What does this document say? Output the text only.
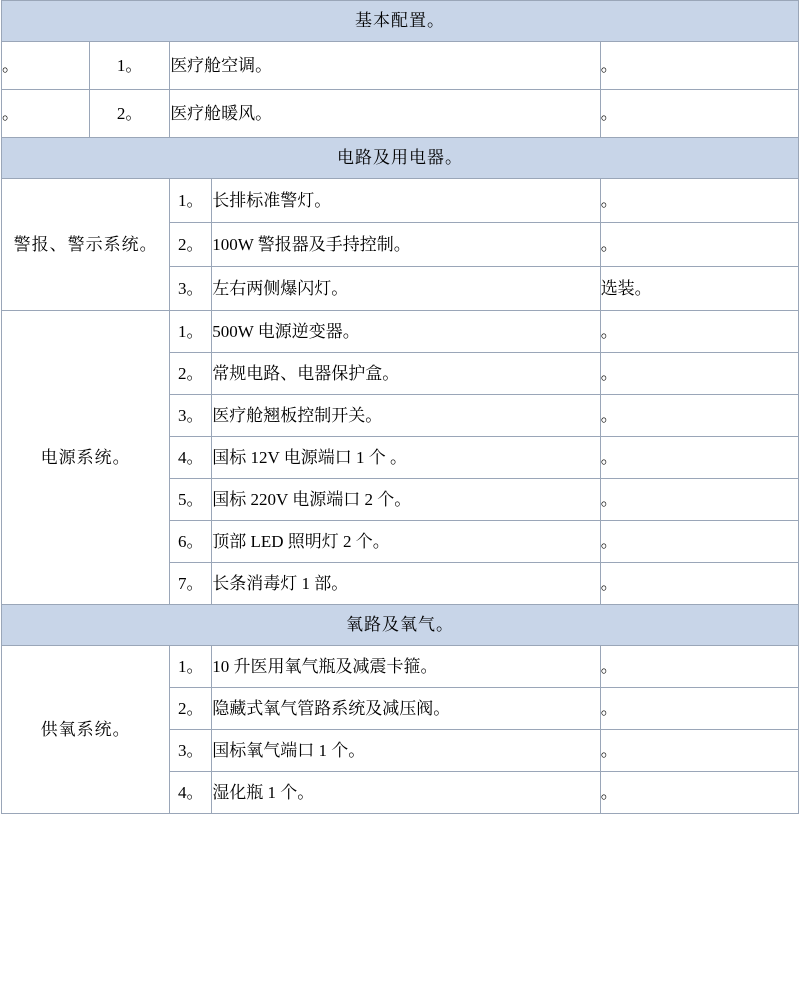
基本配置。				

。	1。	医疗舱空调。		。
。	2。	医疗舱暖风。		。

电路及用电器。				

警报、警示系统。		1。	长排标准警灯。	。
		2。	100W 警报器及手持控制。	。
		3。	左右两侧爆闪灯。	选装。
电源系统。		1。	500W 电源逆变器。	。
		2。	常规电路、电器保护盒。	。
		3。	医疗舱翘板控制开关。	。
		4。	国标 12V 电源端口 1 个 。	。
		5。	国标 220V 电源端口 2 个。	。
		6。	顶部 LED 照明灯 2 个。	。
		7。	长条消毒灯 1 部。	。

氧路及氧气。				

供氧系统。		1。	10 升医用氧气瓶及减震卡箍。	。
		2。	隐藏式氧气管路系统及减压阀。	。
		3。	国标氧气端口 1 个。	。
		4。	湿化瓶 1 个。	。
